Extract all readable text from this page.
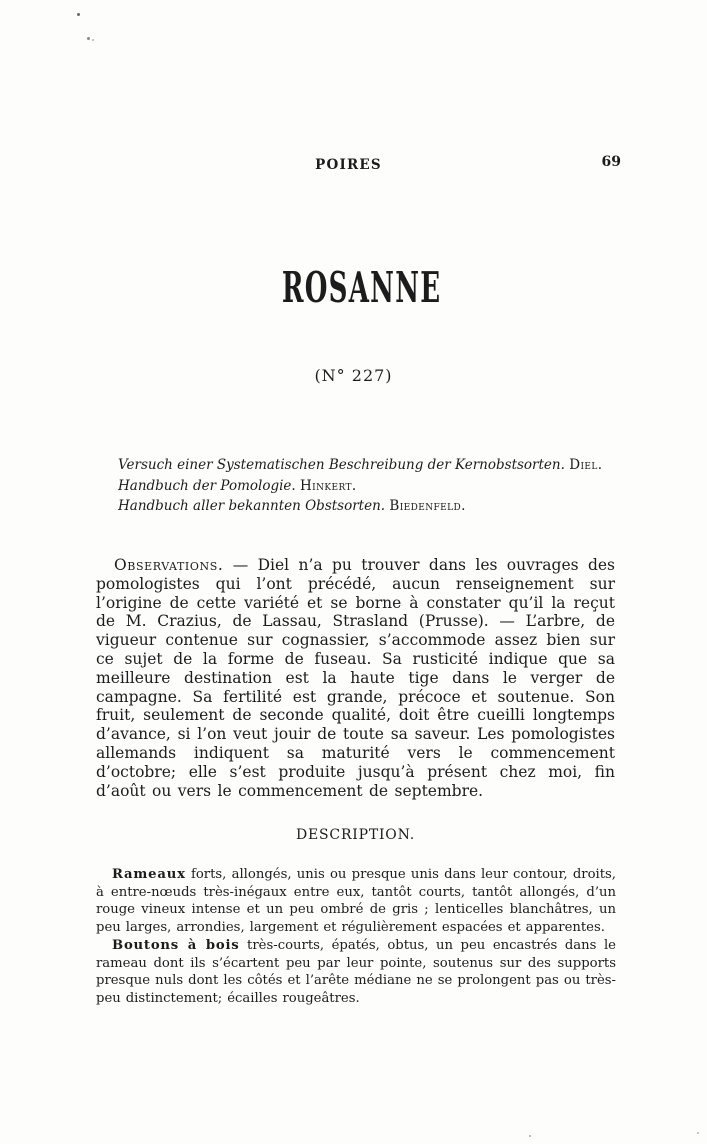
POIRES	69
ROSANNE
(N° 227)
Versuch einer Systematischen Beschreibung der Kernobstsorten. Diel.
Handbuch der Pomologie. Hinkert.
Handbuch aller bekannten Obstsorten. Biedenfeld.

Observations. — Diel n’a pu trouver dans les ouvrages des pomologistes qui l’ont précédé, aucun renseignement sur l’origine de cette variété et se borne à constater qu’il la reçut de M. Crazius, de Lassau, Strasland (Prusse). — L’arbre, de vigueur contenue sur cognassier, s’accommode assez bien sur ce sujet de la forme de fuseau. Sa rusticité indique que sa meilleure destination est la haute tige dans le verger de campagne. Sa fertilité est grande, précoce et soutenue. Son fruit, seulement de seconde qualité, doit être cueilli longtemps d’avance, si l’on veut jouir de toute sa saveur. Les pomologistes allemands indiquent sa maturité vers le commencement d’octobre; elle s’est produite jusqu’à présent chez moi, fin d’août ou vers le commencement de septembre.

DESCRIPTION.

Rameaux forts, allongés, unis ou presque unis dans leur contour, droits, à entre-nœuds très-inégaux entre eux, tantôt courts, tantôt allongés, d’un rouge vineux intense et un peu ombré de gris ; lenticelles blanchâtres, un peu larges, arrondies, largement et régulièrement espacées et apparentes.

Boutons à bois très-courts, épatés, obtus, un peu encastrés dans le rameau dont ils s’écartent peu par leur pointe, soutenus sur des supports presque nuls dont les côtés et l’arête médiane ne se prolongent pas ou très-peu distinctement; écailles rougeâtres.
